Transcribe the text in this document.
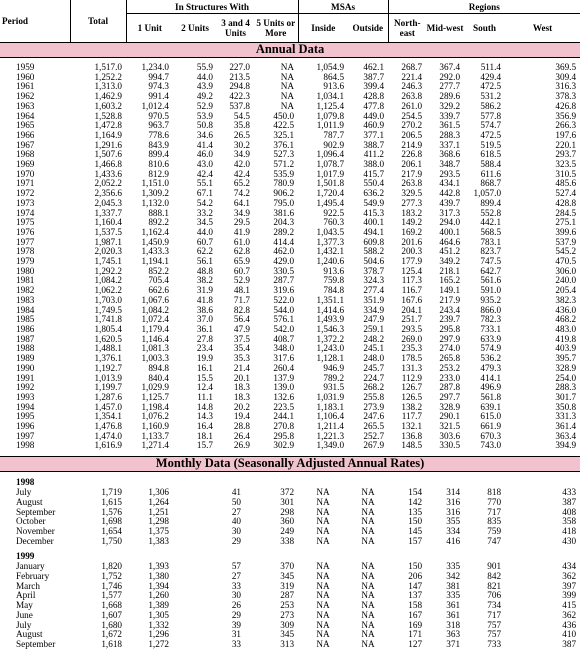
Period	Total	In Structures With				MSAs		Regions			
		1 Unit	2 Units	3 and 4 Units	5 Units or More	Inside	Outside	North-east	Mid-west	South	West
Annual Data											

1959	1,517.0	1,234.0	55.9	227.0	NA	1,054.9	462.1	268.7	367.4	511.4	369.5
1960	1,252.2	994.7	44.0	213.5	NA	864.5	387.7	221.4	292.0	429.4	309.4
1961	1,313.0	974.3	43.9	294.8	NA	913.6	399.4	246.3	277.7	472.5	316.3
1962	1,462.9	991.4	49.2	422.3	NA	1,034.1	428.8	263.8	289.6	531.2	378.3
1963	1,603.2	1,012.4	52.9	537.8	NA	1,125.4	477.8	261.0	329.2	586.2	426.8
1964	1,528.8	970.5	53.9	54.5	450.0	1,079.8	449.0	254.5	339.7	577.8	356.9
1965	1,472.8	963.7	50.8	35.8	422.5	1,011.9	460.9	270.2	361.5	574.7	266.3
1966	1,164.9	778.6	34.6	26.5	325.1	787.7	377.1	206.5	288.3	472.5	197.6
1967	1,291.6	843.9	41.4	30.2	376.1	902.9	388.7	214.9	337.1	519.5	220.1
1968	1,507.6	899.4	46.0	34.9	527.3	1,096.4	411.2	226.8	368.6	618.5	293.7
1969	1,466.8	810.6	43.0	42.0	571.2	1,078.7	388.0	206.1	348.7	588.4	323.5
1970	1,433.6	812.9	42.4	42.4	535.9	1,017.9	415.7	217.9	293.5	611.6	310.5
1971	2,052.2	1,151.0	55.1	65.2	780.9	1,501.8	550.4	263.8	434.1	868.7	485.6
1972	2,356.6	1,309.2	67.1	74.2	906.2	1,720.4	636.2	329.5	442.8	1,057.0	527.4
1973	2,045.3	1,132.0	54.2	64.1	795.0	1,495.4	549.9	277.3	439.7	899.4	428.8
1974	1,337.7	888.1	33.2	34.9	381.6	922.5	415.3	183.2	317.3	552.8	284.5
1975	1,160.4	892.2	34.5	29.5	204.3	760.3	400.1	149.2	294.0	442.1	275.1
1976	1,537.5	1,162.4	44.0	41.9	289.2	1,043.5	494.1	169.2	400.1	568.5	399.6
1977	1,987.1	1,450.9	60.7	61.0	414.4	1,377.3	609.8	201.6	464.6	783.1	537.9
1978	2,020.3	1,433.3	62.2	62.8	462.0	1,432.1	588.2	200.3	451.2	823.7	545.2
1979	1,745.1	1,194.1	56.1	65.9	429.0	1,240.6	504.6	177.9	349.2	747.5	470.5
1980	1,292.2	852.2	48.8	60.7	330.5	913.6	378.7	125.4	218.1	642.7	306.0
1981	1,084.2	705.4	38.2	52.9	287.7	759.8	324.3	117.3	165.2	561.6	240.0
1982	1,062.2	662.6	31.9	48.1	319.6	784.8	277.4	116.7	149.1	591.0	205.4
1983	1,703.0	1,067.6	41.8	71.7	522.0	1,351.1	351.9	167.6	217.9	935.2	382.3
1984	1,749.5	1,084.2	38.6	82.8	544.0	1,414.6	334.9	204.1	243.4	866.0	436.0
1985	1,741.8	1,072.4	37.0	56.4	576.1	1,493.9	247.9	251.7	239.7	782.3	468.2
1986	1,805.4	1,179.4	36.1	47.9	542.0	1,546.3	259.1	293.5	295.8	733.1	483.0
1987	1,620.5	1,146.4	27.8	37.5	408.7	1,372.2	248.2	269.0	297.9	633.9	419.8
1988	1,488.1	1,081.3	23.4	35.4	348.0	1,243.0	245.1	235.3	274.0	574.9	403.9
1989	1,376.1	1,003.3	19.9	35.3	317.6	1,128.1	248.0	178.5	265.8	536.2	395.7
1990	1,192.7	894.8	16.1	21.4	260.4	946.9	245.7	131.3	253.2	479.3	328.9
1991	1,013.9	840.4	15.5	20.1	137.9	789.2	224.7	112.9	233.0	414.1	254.0
1992	1,199.7	1,029.9	12.4	18.3	139.0	931.5	268.2	126.7	287.8	496.9	288.3
1993	1,287.6	1,125.7	11.1	18.3	132.6	1,031.9	255.8	126.5	297.7	561.8	301.7
1994	1,457.0	1,198.4	14.8	20.2	223.5	1,183.1	273.9	138.2	328.9	639.1	350.8
1995	1,354.1	1,076.2	14.3	19.4	244.1	1,106.4	247.6	117.7	290.1	615.0	331.3
1996	1,476.8	1,160.9	16.4	28.8	270.8	1,211.4	265.5	132.1	321.5	661.9	361.4
1997	1,474.0	1,133.7	18.1	26.4	295.8	1,221.3	252.7	136.8	303.6	670.3	363.4
1998	1,616.9	1,271.4	15.7	26.9	302.9	1,349.0	267.9	148.5	330.5	743.0	394.9

Monthly Data (Seasonally Adjusted Annual Rates)											

1998											
July	1,719	1,306	41		372	NA	NA	154	314	818	433
August	1,615	1,264	50		301	NA	NA	142	316	770	387
September	1,576	1,251	27		298	NA	NA	135	316	717	408
October	1,698	1,298	40		360	NA	NA	150	355	835	358
November	1,654	1,375	30		249	NA	NA	145	334	759	418
December	1,750	1,383	29		338	NA	NA	157	416	747	430

1999											
January	1,820	1,393	57		370	NA	NA	150	335	901	434
February	1,752	1,380	27		345	NA	NA	206	342	842	362
March	1,746	1,394	33		319	NA	NA	147	381	821	397
April	1,577	1,260	30		287	NA	NA	137	335	706	399
May	1,668	1,389	26		253	NA	NA	158	361	734	415
June	1,607	1,305	29		273	NA	NA	167	361	717	362
July	1,680	1,332	39		309	NA	NA	169	318	757	436
August	1,672	1,296	31		345	NA	NA	171	363	757	410
September	1,618	1,272	33		313	NA	NA	127	371	733	387
